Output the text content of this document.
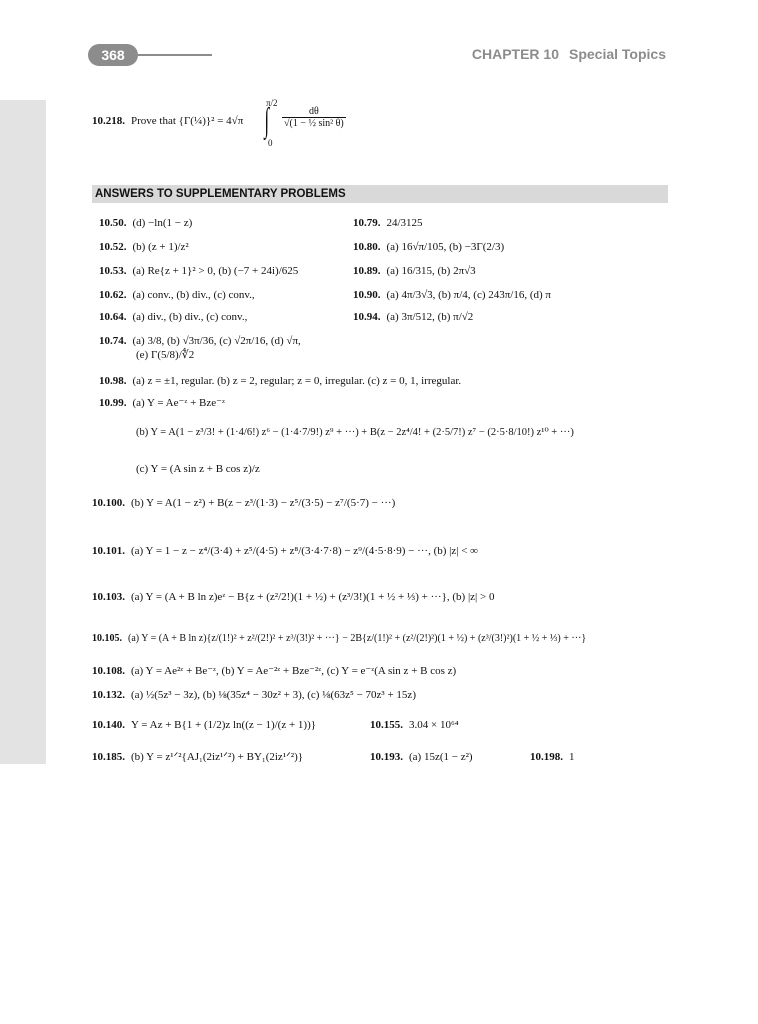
368	CHAPTER 10 Special Topics
10.218. Prove that {Γ(¼)}² = 4√π
π/2
∫
0
$\frac{d\theta}{\text{√(1 − ½ sin² θ)}}$
ANSWERS TO SUPPLEMENTARY PROBLEMS
10.50. (d) −ln(1 − z)	10.79. 24/3125
10.52. (b) (z + 1)/z²	10.80. (a) 16√π/105, (b) −3Γ(2/3)
10.53. (a) Re{z + 1}² > 0, (b) (−7 + 24i)/625	10.89. (a) 16/315, (b) 2π√3
10.62. (a) conv., (b) div., (c) conv.,	10.90. (a) 4π/3√3, (b) π/4, (c) 243π/16, (d) π
10.64. (a) div., (b) div., (c) conv.,	10.94. (a) 3π/512, (b) π/√2
10.74. (a) 3/8, (b) √3π/36, (c) √2π/16, (d) √π,
(e) Γ(5/8)/∜2
10.98. (a) z = ±1, regular. (b) z = 2, regular; z = 0, irregular. (c) z = 0, 1, irregular.
10.99. (a) Y = Ae⁻ᶻ + Bze⁻ᶻ
(b) Y = A(1 − z³/3! + (1·4/6!) z⁶ − (1·4·7/9!) z⁹ + ···) + B(z − 2z⁴/4! + (2·5/7!) z⁷ − (2·5·8/10!) z¹⁰ + ···)
(c) Y = (A sin z + B cos z)/z
10.100. (b) Y = A(1 − z²) + B(z − z³/(1·3) − z⁵/(3·5) − z⁷/(5·7) − ···)
10.101. (a) Y = 1 − z − z⁴/(3·4) + z⁵/(4·5) + z⁸/(3·4·7·8) − z⁹/(4·5·8·9) − ···, (b) |z| < ∞
10.103. (a) Y = (A + B ln z)eᶻ − B{z + (z²/2!)(1 + ½) + (z³/3!)(1 + ½ + ⅓) + ···}, (b) |z| > 0
10.105. (a) Y = (A + B ln z){z/(1!)² + z²/(2!)² + z³/(3!)² + ···} − 2B{z/(1!)² + (z²/(2!)²)(1 + ½) + (z³/(3!)²)(1 + ½ + ⅓) + ···}
10.108. (a) Y = Ae²ᶻ + Be⁻ᶻ, (b) Y = Ae⁻²ᶻ + Bze⁻²ᶻ, (c) Y = e⁻ᶻ(A sin z + B cos z)
10.132. (a) ½(5z³ − 3z), (b) ⅛(35z⁴ − 30z² + 3), (c) ⅛(63z⁵ − 70z³ + 15z)
10.140. Y = Az + B{1 + (1/2)z ln((z − 1)/(z + 1))}	10.155. 3.04 × 10⁶⁴
10.185. (b) Y = z¹ᐟ²{AJ₁(2iz¹ᐟ²) + BY₁(2iz¹ᐟ²)}	10.193. (a) 15z(1 − z²)	10.198. 1
